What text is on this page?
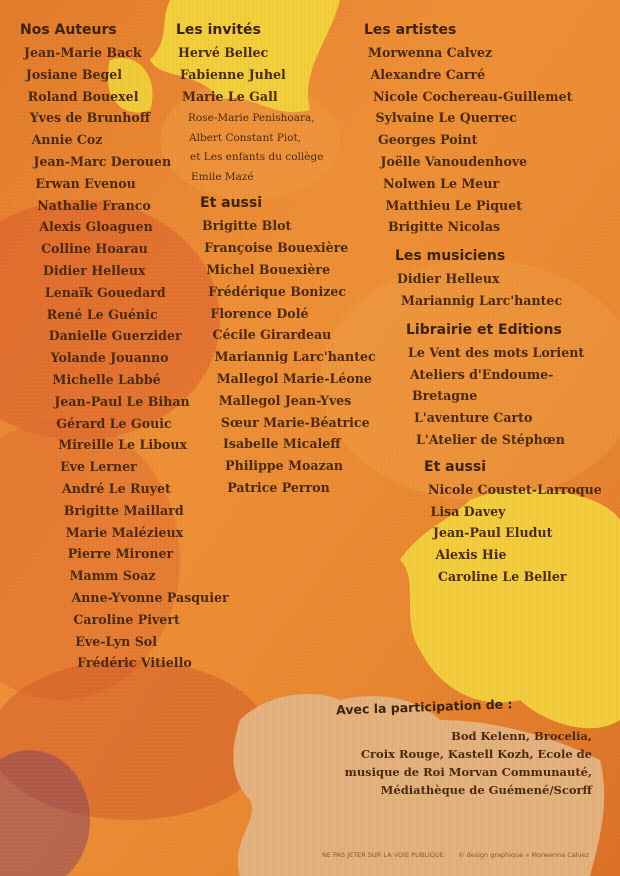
Nos Auteurs
Jean-Marie Back
Josiane Begel
Roland Bouexel
Yves de Brunhoff
Annie Coz
Jean-Marc Derouen
Erwan Evenou
Nathalie Franco
Alexis Gloaguen
Colline Hoarau
Didier Helleux
Lenaïk Gouedard
René Le Guénic
Danielle Guerzider
Yolande Jouanno
Michelle Labbé
Jean-Paul Le Bihan
Gérard Le Gouic
Mireille Le Liboux
Eve Lerner
André Le Ruyet
Brigitte Maillard
Marie Malézieux
Pierre Mironer
Mamm Soaz
Anne-Yvonne Pasquier
Caroline Pivert
Eve-Lyn Sol
Frédéric Vitiello
Les invités
Hervé Bellec
Fabienne Juhel
Marie Le Gall
Rose-Marie Penishoara,
Albert Constant Piot,
et Les enfants du collège
Emile Mazé
Et aussi
Brigitte Blot
Françoise Bouexière
Michel Bouexière
Frédérique Bonizec
Florence Dolé
Cécile Girardeau
Mariannig Larc'hantec
Mallegol Marie-Léone
Mallegol Jean-Yves
Sœur Marie-Béatrice
Isabelle Micaleff
Philippe Moazan
Patrice Perron
Les artistes
Morwenna Calvez
Alexandre Carré
Nicole Cochereau-Guillemet
Sylvaine Le Querrec
Georges Point
Joëlle Vanoudenhove
Nolwen Le Meur
Matthieu Le Piquet
Brigitte Nicolas
Les musiciens
Didier Helleux
Mariannig Larc'hantec
Librairie et Editions
Le Vent des mots Lorient
Ateliers d'Endoume-
Bretagne
L'aventure Carto
L'Atelier de Stéphœn
Et aussi
Nicole Coustet-Larroque
Lisa Davey
Jean-Paul Eludut
Alexis Hie
Caroline Le Beller
Avec la participation de :
Bod Kelenn, Brocelia,
Croix Rouge, Kastell Kozh, Ecole de
musique de Roi Morvan Communauté,
Médiathèque de Guémené/Scorff
NE PAS JETER SUR LA VOIE PUBLIQUE © design graphique » Morwenna Calvez
